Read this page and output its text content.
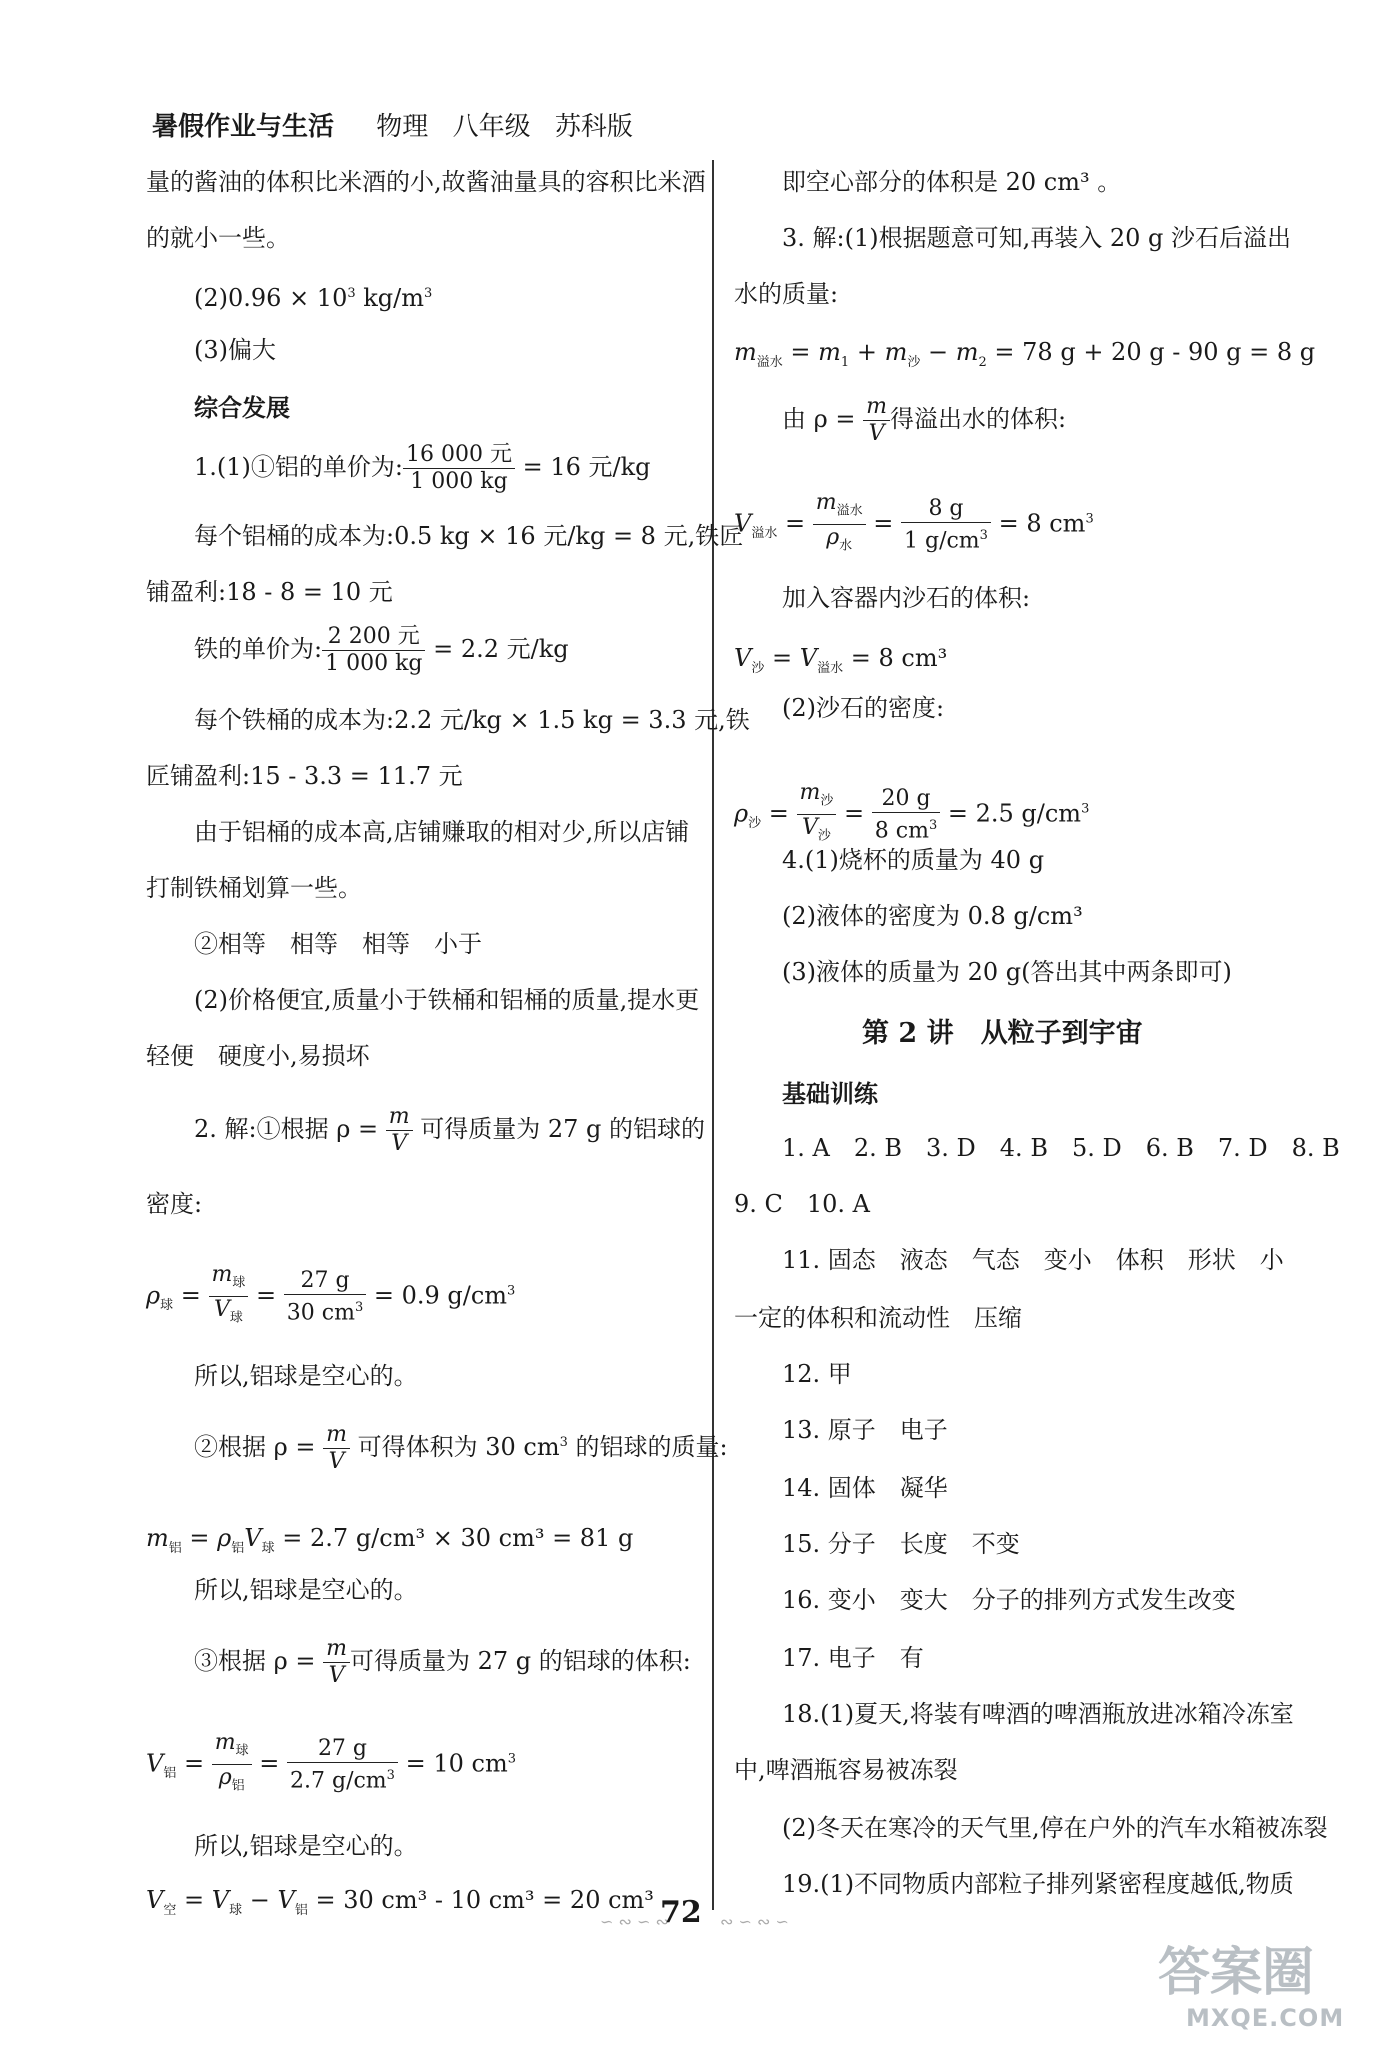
暑假作业与生活 物理 八年级 苏科版
量的酱油的体积比米酒的小,故酱油量具的容积比米酒
的就小一些。
$(2)0.96 \times 10^3$ $kg/m^3$
(3)偏大
综合发展
1.(1)①铝的单价为: $\frac{\text{16 000 元}}{1 000 kg} = 16$ 元/kg
每个铝桶的成本为:0.5 kg × 16 元/kg = 8 元,铁匠
铺盈利:18 - 8 = 10 元
铁的单价为: $\frac{\text{2 200 元}}{1 000 kg} = 2.2$ 元/kg
每个铁桶的成本为:2.2 元/kg × 1.5 kg = 3.3 元,铁
匠铺盈利:15 - 3.3 = 11.7 元
由于铝桶的成本高,店铺赚取的相对少,所以店铺
打制铁桶划算一些。
②相等　相等　相等　小于
(2)价格便宜,质量小于铁桶和铝桶的质量,提水更
轻便　硬度小,易损坏
2. 解:①根据 $\rho = \frac{m}{V}$ 可得质量为 27 g 的铝球的
密度:
$\rho_球 = \frac{m_球}{V_球} = \frac{27 g}{30 cm^3} = 0.9$ $g/cm^3$
所以,铝球是空心的。
②根据 $\rho = \frac{m}{V}$ 可得体积为 30 $cm^3$ 的铝球的质量:
$m_铝 = \rho_铝V_球 = 2.7$ g/cm³ × 30 cm³ = 81 g
所以,铝球是空心的。
③根据 $\rho = \frac{m}{V}$ 可得质量为 27 g 的铝球的体积:
$V_铝 = \frac{m_球}{\rho_铝} = \frac{27 g}{2.7 g/cm^3} = 10$ $cm^3$
所以,铝球是空心的。
$V_空 = V_球 - V_铝 = 30$ cm³ - 10 cm³ = 20 cm³
即空心部分的体积是 20 cm³ 。
3. 解:(1)根据题意可知,再装入 20 g 沙石后溢出
水的质量:
$m_{溢水} = m_1 + m_沙 - m_2 = 78$ g + 20 g - 90 g = 8 g
由 $\rho = \frac{m}{V}$ 得溢出水的体积:
$V_{溢水} = \frac{m_{溢水}}{\rho_水} = \frac{8 g}{1 g/cm^3} = 8$ $cm^3$
加入容器内沙石的体积:
$V_沙 = V_{溢水} = 8$ cm³
(2)沙石的密度:
$\rho_沙 = \frac{m_沙}{V_沙} = \frac{20 g}{8 cm^3} = 2.5$ $g/cm^3$
4.(1)烧杯的质量为 40 g
(2)液体的密度为 0.8 g/cm³
(3)液体的质量为 20 g(答出其中两条即可)
第 2 讲　从粒子到宇宙
基础训练
1. A　2. B　3. D　4. B　5. D　6. B　7. D　8. B
9. C　10. A
11. 固态　液态　气态　变小　体积　形状　小
一定的体积和流动性　压缩
12. 甲
13. 原子　电子
14. 固体　凝华
15. 分子　长度　不变
16. 变小　变大　分子的排列方式发生改变
17. 电子　有
18.(1)夏天,将装有啤酒的啤酒瓶放进冰箱冷冻室
中,啤酒瓶容易被冻裂
(2)冬天在寒冷的天气里,停在户外的汽车水箱被冻裂
19.(1)不同物质内部粒子排列紧密程度越低,物质
∽ ∾ ∽ ∾
72 ∾ ∽ ∾ ∽
答案圈
MXQE.COM
